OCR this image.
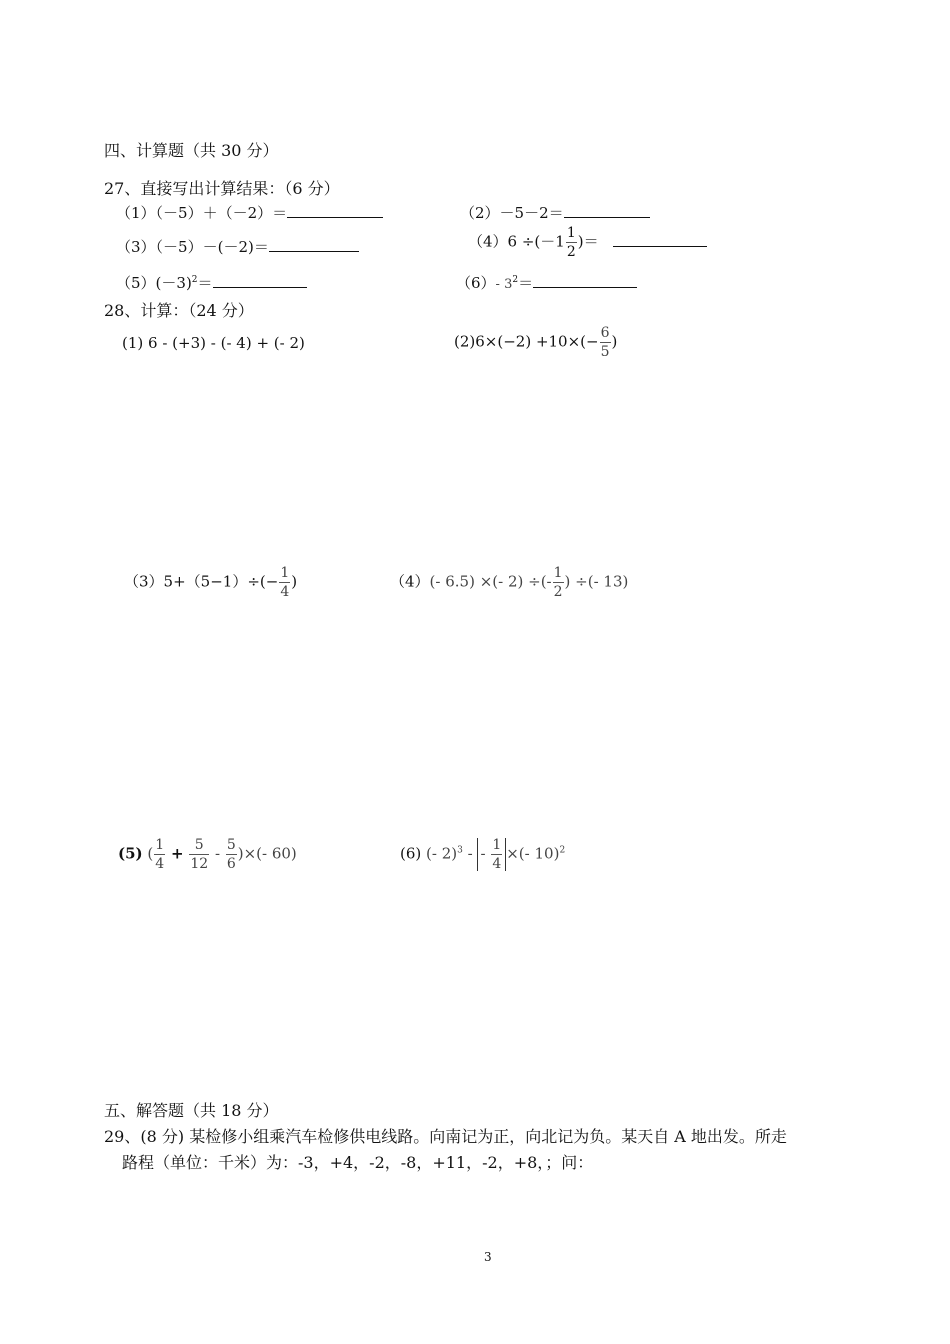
四、计算题（共 30 分）
27、直接写出计算结果：（6 分）
（1）（－5）＋（－2）＝	（2）－5－2＝
（3）（－5）－(－2)＝	$(4)6 \div(-1 \frac{1}{2}$ )＝
$(5)(-3)^2=$	（6）- $3^2=$
28、计算：（24 分）
(1) 6 - (+3) - (- 4) + (- 2)	$(2)6\times(-2) +10\times(- \frac{6}{5}$ )
$(3)5+(5-1)\div(- \frac{1}{4}$ )	（4）(- 6.5) ×(- 2) ÷(- $\frac{1}{2}$ ) ÷(- 13)
(5) ( $\frac{1}{4} + \frac{5}{12} - \frac{5}{6}$ )×(- 60)	(6) (- 2)$^3$ - - $\frac{1}{4}$ ×(- 10)$^2$
五、解答题（共 18 分）
29、(8 分) 某检修小组乘汽车检修供电线路。向南记为正，向北记为负。某天自 A 地出发。所走
路程（单位：千米）为：-3，+4，-2，-8，+11，-2，+8，；问：
3
